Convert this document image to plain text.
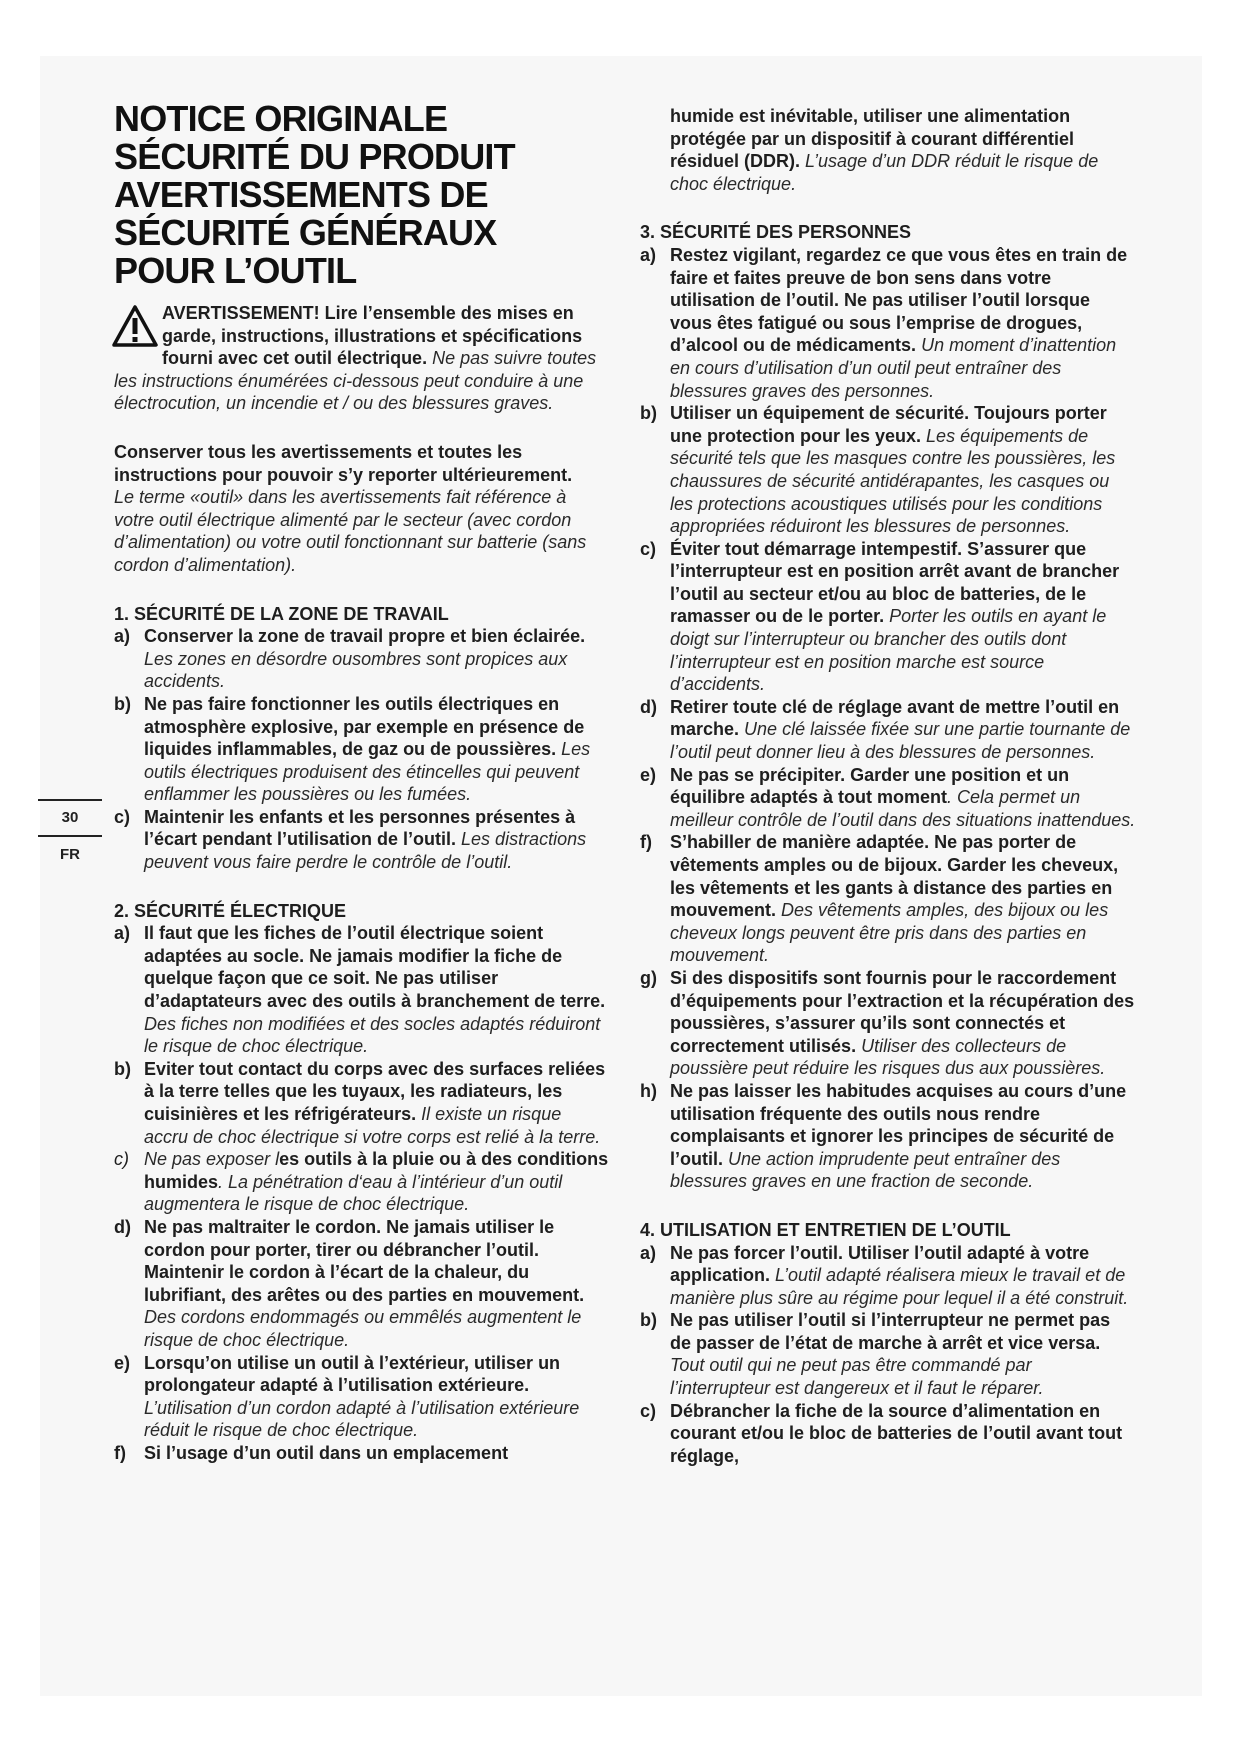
NOTICE ORIGINALE
SÉCURITÉ DU PRODUIT
AVERTISSEMENTS DE
SÉCURITÉ GÉNÉRAUX
POUR L’OUTIL

AVERTISSEMENT! Lire l’ensemble des mises en garde, instructions, illustrations et spécifications fourni avec cet outil électrique. Ne pas suivre toutes les instructions énumérées ci-dessous peut conduire à une électrocution, un incendie et / ou des blessures graves.

Conserver tous les avertissements et toutes les instructions pour pouvoir s’y reporter ultérieurement.

Le terme «outil» dans les avertissements fait référence à votre outil électrique alimenté par le secteur (avec cordon d’alimentation) ou votre outil fonctionnant sur batterie (sans cordon d’alimentation).

1. SÉCURITÉ DE LA ZONE DE TRAVAIL

a) Conserver la zone de travail propre et bien éclairée. Les zones en désordre ousombres sont propices aux accidents.

b) Ne pas faire fonctionner les outils électriques en atmosphère explosive, par exemple en présence de liquides inflammables, de gaz ou de poussières. Les outils électriques produisent des étincelles qui peuvent enflammer les poussières ou les fumées.

c) Maintenir les enfants et les personnes présentes à l’écart pendant l’utilisation de l’outil. Les distractions peuvent vous faire perdre le contrôle de l’outil.

2. SÉCURITÉ ÉLECTRIQUE

a) Il faut que les fiches de l’outil électrique soient adaptées au socle. Ne jamais modifier la fiche de quelque façon que ce soit. Ne pas utiliser d’adaptateurs avec des outils à branchement de terre. Des fiches non modifiées et des socles adaptés réduiront le risque de choc électrique.

b) Eviter tout contact du corps avec des surfaces reliées à la terre telles que les tuyaux, les radiateurs, les cuisinières et les réfrigérateurs. Il existe un risque accru de choc électrique si votre corps est relié à la terre.

c) Ne pas exposer les outils à la pluie ou à des conditions humides. La pénétration d‘eau à l’intérieur d’un outil augmentera le risque de choc électrique.

d) Ne pas maltraiter le cordon. Ne jamais utiliser le cordon pour porter, tirer ou débrancher l’outil. Maintenir le cordon à l’écart de la chaleur, du lubrifiant, des arêtes ou des parties en mouvement. Des cordons endommagés ou emmêlés augmentent le risque de choc électrique.

e) Lorsqu’on utilise un outil à l’extérieur, utiliser un prolongateur adapté à l’utilisation extérieure. L’utilisation d’un cordon adapté à l’utilisation extérieure réduit le risque de choc électrique.

f) Si l’usage d’un outil dans un emplacement

30
FR

humide est inévitable, utiliser une alimentation protégée par un dispositif à courant différentiel résiduel (DDR). L’usage d’un DDR réduit le risque de choc électrique.

3. SÉCURITÉ DES PERSONNES

a) Restez vigilant, regardez ce que vous êtes en train de faire et faites preuve de bon sens dans votre utilisation de l’outil. Ne pas utiliser l’outil lorsque vous êtes fatigué ou sous l’emprise de drogues, d’alcool ou de médicaments. Un moment d’inattention en cours d’utilisation d’un outil peut entraîner des blessures graves des personnes.

b) Utiliser un équipement de sécurité. Toujours porter une protection pour les yeux. Les équipements de sécurité tels que les masques contre les poussières, les chaussures de sécurité antidérapantes, les casques ou les protections acoustiques utilisés pour les conditions appropriées réduiront les blessures de personnes.

c) Éviter tout démarrage intempestif. S’assurer que l’interrupteur est en position arrêt avant de brancher l’outil au secteur et/ou au bloc de batteries, de le ramasser ou de le porter. Porter les outils en ayant le doigt sur l’interrupteur ou brancher des outils dont l’interrupteur est en position marche est source d’accidents.

d) Retirer toute clé de réglage avant de mettre l’outil en marche. Une clé laissée fixée sur une partie tournante de l’outil peut donner lieu à des blessures de personnes.

e) Ne pas se précipiter. Garder une position et un équilibre adaptés à tout moment. Cela permet un meilleur contrôle de l’outil dans des situations inattendues.

f) S’habiller de manière adaptée. Ne pas porter de vêtements amples ou de bijoux. Garder les cheveux, les vêtements et les gants à distance des parties en mouvement. Des vêtements amples, des bijoux ou les cheveux longs peuvent être pris dans des parties en mouvement.

g) Si des dispositifs sont fournis pour le raccordement d’équipements pour l’extraction et la récupération des poussières, s’assurer qu’ils sont connectés et correctement utilisés. Utiliser des collecteurs de poussière peut réduire les risques dus aux poussières.

h) Ne pas laisser les habitudes acquises au cours d’une utilisation fréquente des outils nous rendre complaisants et ignorer les principes de sécurité de l’outil. Une action imprudente peut entraîner des blessures graves en une fraction de seconde.

4. UTILISATION ET ENTRETIEN DE L’OUTIL

a) Ne pas forcer l’outil. Utiliser l’outil adapté à votre application. L’outil adapté réalisera mieux le travail et de manière plus sûre au régime pour lequel il a été construit.

b) Ne pas utiliser l’outil si l’interrupteur ne permet pas de passer de l’état de marche à arrêt et vice versa. Tout outil qui ne peut pas être commandé par l’interrupteur est dangereux et il faut le réparer.

c) Débrancher la fiche de la source d’alimentation en courant et/ou le bloc de batteries de l’outil avant tout réglage,
